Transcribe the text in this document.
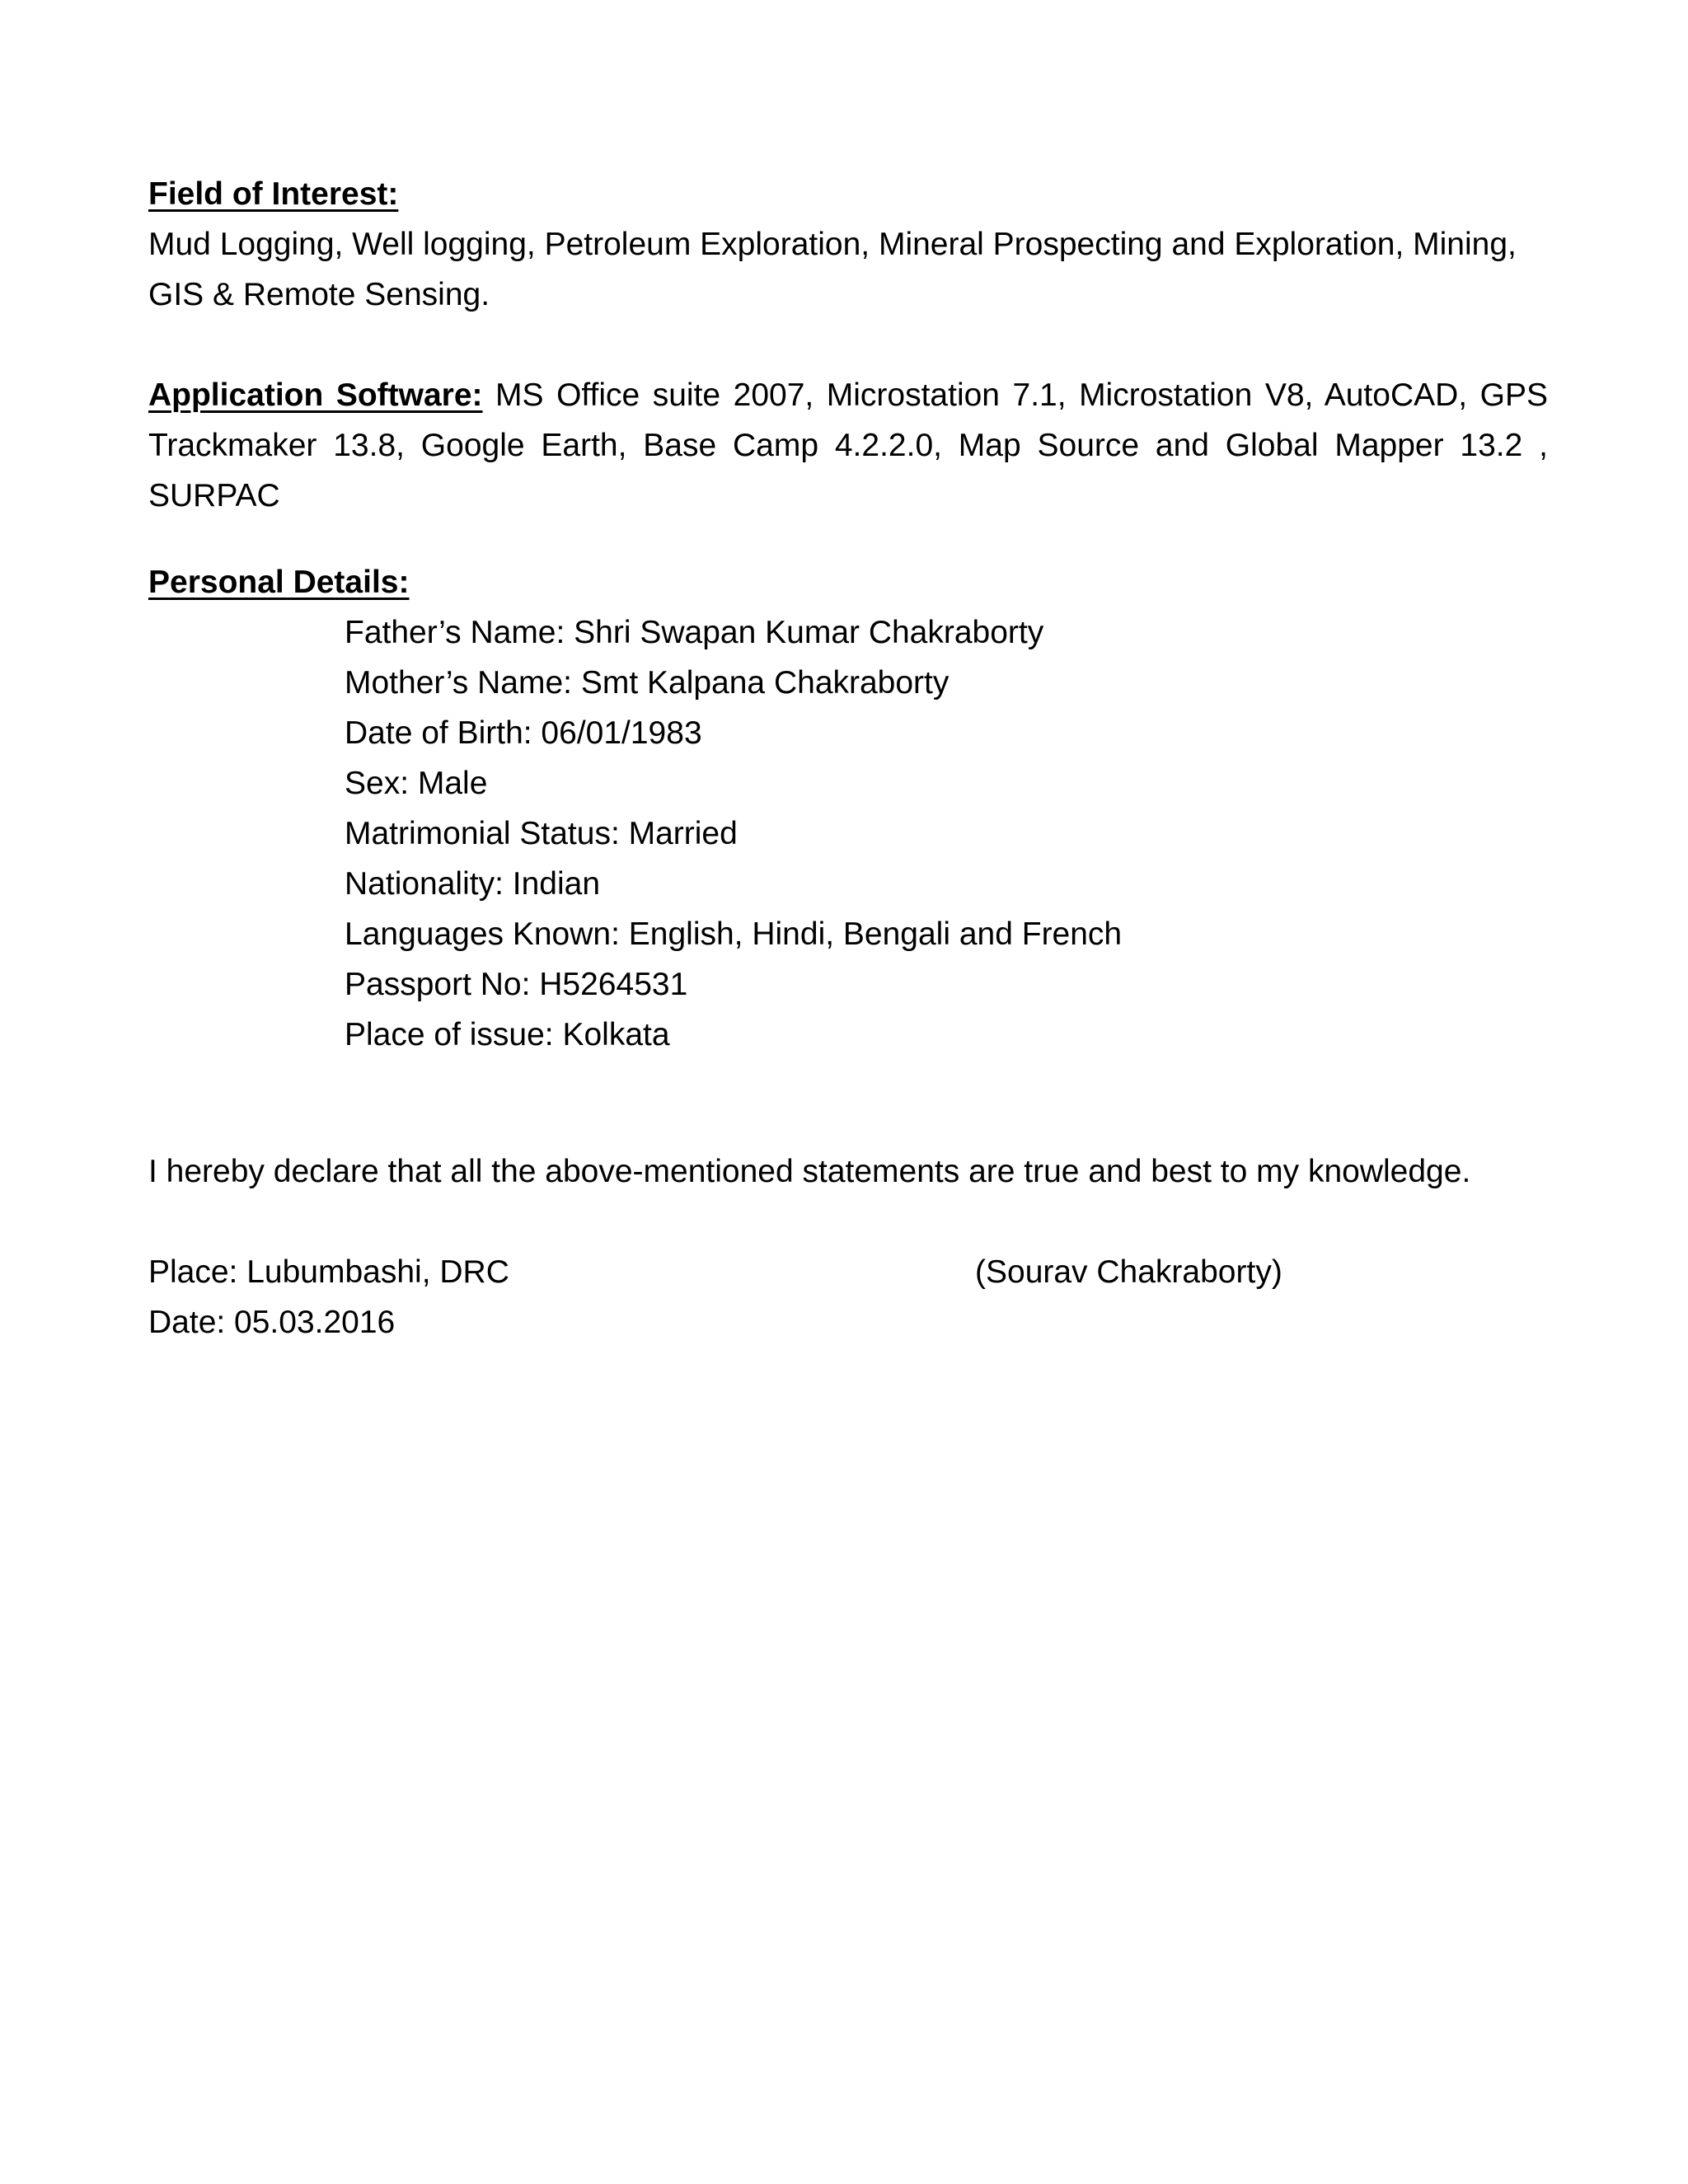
Field of Interest:

Mud Logging, Well logging, Petroleum Exploration, Mineral Prospecting and Exploration, Mining, GIS & Remote Sensing.

Application Software: MS Office suite 2007, Microstation 7.1, Microstation V8, AutoCAD, GPS Trackmaker 13.8, Google Earth, Base Camp 4.2.2.0, Map Source and Global Mapper 13.2 , SURPAC

Personal Details:
Father’s Name: Shri Swapan Kumar Chakraborty
Mother’s Name: Smt Kalpana Chakraborty
Date of Birth: 06/01/1983
Sex: Male
Matrimonial Status: Married
Nationality: Indian
Languages Known: English, Hindi, Bengali and French
Passport No: H5264531
Place of issue: Kolkata

I hereby declare that all the above-mentioned statements are true and best to my knowledge.

Place: Lubumbashi, DRC	(Sourav Chakraborty)
Date: 05.03.2016
